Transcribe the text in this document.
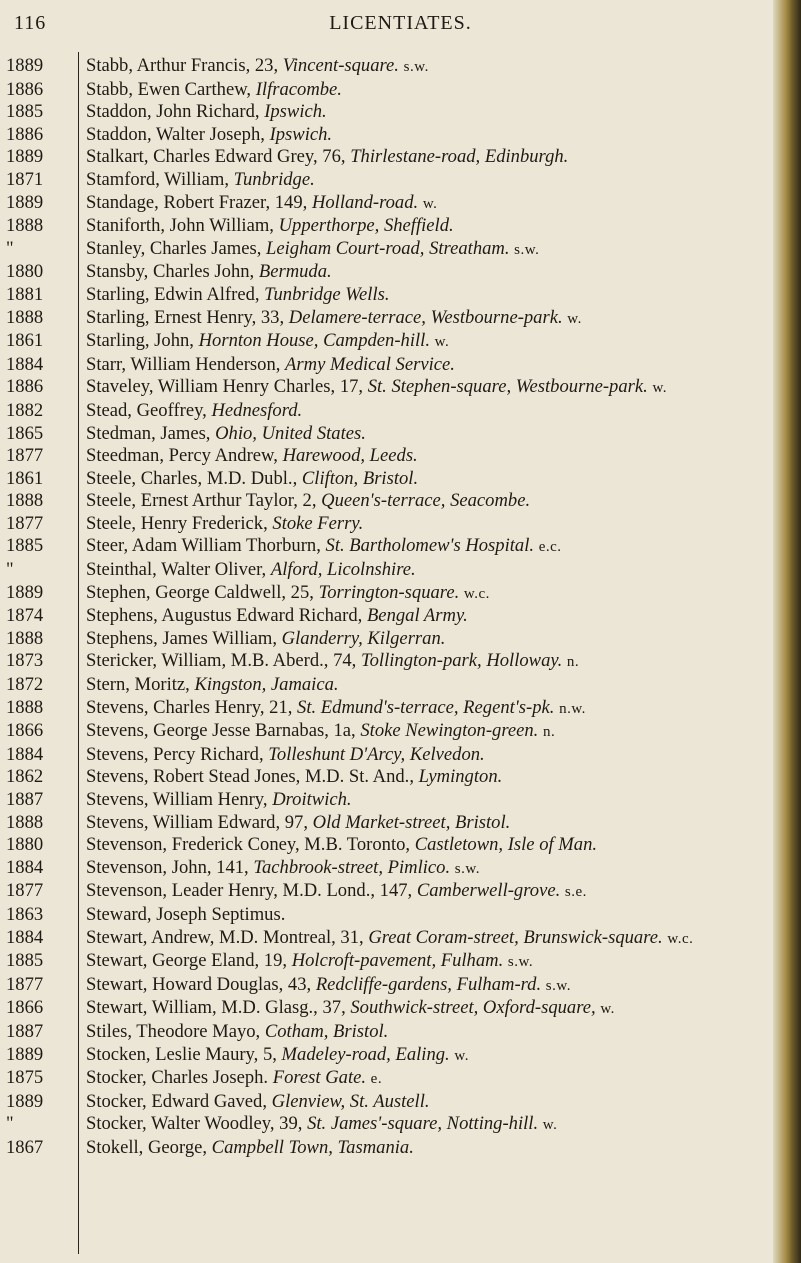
116	LICENTIATES.
1889	Stabb, Arthur Francis, 23, Vincent-square. s.w.
1886	Stabb, Ewen Carthew, Ilfracombe.
1885	Staddon, John Richard, Ipswich.
1886	Staddon, Walter Joseph, Ipswich.
1889	Stalkart, Charles Edward Grey, 76, Thirlestane-road, Edinburgh.
1871	Stamford, William, Tunbridge.
1889	Standage, Robert Frazer, 149, Holland-road. w.
1888	Staniforth, John William, Upperthorpe, Sheffield.
"	Stanley, Charles James, Leigham Court-road, Streatham. s.w.
1880	Stansby, Charles John, Bermuda.
1881	Starling, Edwin Alfred, Tunbridge Wells.
1888	Starling, Ernest Henry, 33, Delamere-terrace, Westbourne-park. w.
1861	Starling, John, Hornton House, Campden-hill. w.
1884	Starr, William Henderson, Army Medical Service.
1886	Staveley, William Henry Charles, 17, St. Stephen-square, Westbourne-park. w.
1882	Stead, Geoffrey, Hednesford.
1865	Stedman, James, Ohio, United States.
1877	Steedman, Percy Andrew, Harewood, Leeds.
1861	Steele, Charles, M.D. Dubl., Clifton, Bristol.
1888	Steele, Ernest Arthur Taylor, 2, Queen's-terrace, Seacombe.
1877	Steele, Henry Frederick, Stoke Ferry.
1885	Steer, Adam William Thorburn, St. Bartholomew's Hospital. e.c.
"	Steinthal, Walter Oliver, Alford, Licolnshire.
1889	Stephen, George Caldwell, 25, Torrington-square. w.c.
1874	Stephens, Augustus Edward Richard, Bengal Army.
1888	Stephens, James William, Glanderry, Kilgerran.
1873	Stericker, William, M.B. Aberd., 74, Tollington-park, Holloway. n.
1872	Stern, Moritz, Kingston, Jamaica.
1888	Stevens, Charles Henry, 21, St. Edmund's-terrace, Regent's-pk. n.w.
1866	Stevens, George Jesse Barnabas, 1a, Stoke Newington-green. n.
1884	Stevens, Percy Richard, Tolleshunt D'Arcy, Kelvedon.
1862	Stevens, Robert Stead Jones, M.D. St. And., Lymington.
1887	Stevens, William Henry, Droitwich.
1888	Stevens, William Edward, 97, Old Market-street, Bristol.
1880	Stevenson, Frederick Coney, M.B. Toronto, Castletown, Isle of Man.
1884	Stevenson, John, 141, Tachbrook-street, Pimlico. s.w.
1877	Stevenson, Leader Henry, M.D. Lond., 147, Camberwell-grove. s.e.
1863	Steward, Joseph Septimus.
1884	Stewart, Andrew, M.D. Montreal, 31, Great Coram-street, Brunswick-square. w.c.
1885	Stewart, George Eland, 19, Holcroft-pavement, Fulham. s.w.
1877	Stewart, Howard Douglas, 43, Redcliffe-gardens, Fulham-rd. s.w.
1866	Stewart, William, M.D. Glasg., 37, Southwick-street, Oxford-square, w.
1887	Stiles, Theodore Mayo, Cotham, Bristol.
1889	Stocken, Leslie Maury, 5, Madeley-road, Ealing. w.
1875	Stocker, Charles Joseph. Forest Gate. e.
1889	Stocker, Edward Gaved, Glenview, St. Austell.
"	Stocker, Walter Woodley, 39, St. James'-square, Notting-hill. w.
1867	Stokell, George, Campbell Town, Tasmania.
